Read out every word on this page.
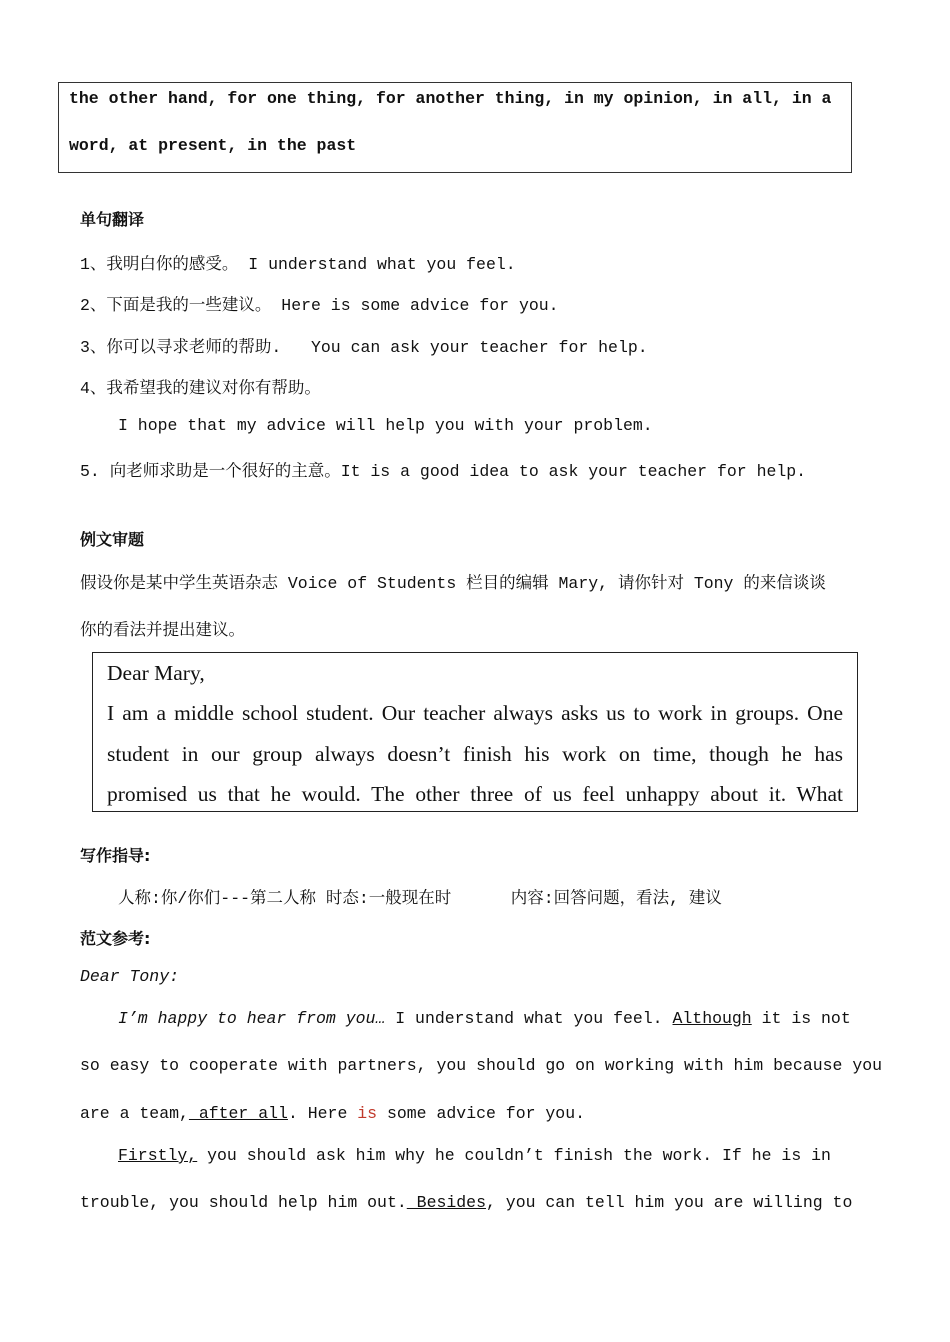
the other hand, for one thing, for another thing, in my opinion, in all, in a
word, at present, in the past
单句翻译
1、我明白你的感受。 I understand what you feel.
2、下面是我的一些建议。 Here is some advice for you.
3、你可以寻求老师的帮助.   You can ask your teacher for help.
4、我希望我的建议对你有帮助。
I hope that my advice will help you with your problem.
5. 向老师求助是一个很好的主意。It is a good idea to ask your teacher for help.
例文审题
假设你是某中学生英语杂志 Voice of Students 栏目的编辑 Mary, 请你针对 Tony 的来信谈谈
你的看法并提出建议。
Dear Mary,
I am a middle school student. Our teacher always asks us to work in groups. One
student in our group always doesn’t finish his work on time, though he has
promised us that he would. The other three of us feel unhappy about it. What
写作指导:
人称:你/你们---第二人称 时态:一般现在时      内容:回答问题，看法, 建议
范文参考:
Dear Tony:
I’m happy to hear from you… I understand what you feel. Although it is not
so easy to cooperate with partners, you should go on working with him because you
are a team, after all. Here is some advice for you.
Firstly, you should ask him why he couldn’t finish the work. If he is in
trouble, you should help him out. Besides, you can tell him you are willing to
